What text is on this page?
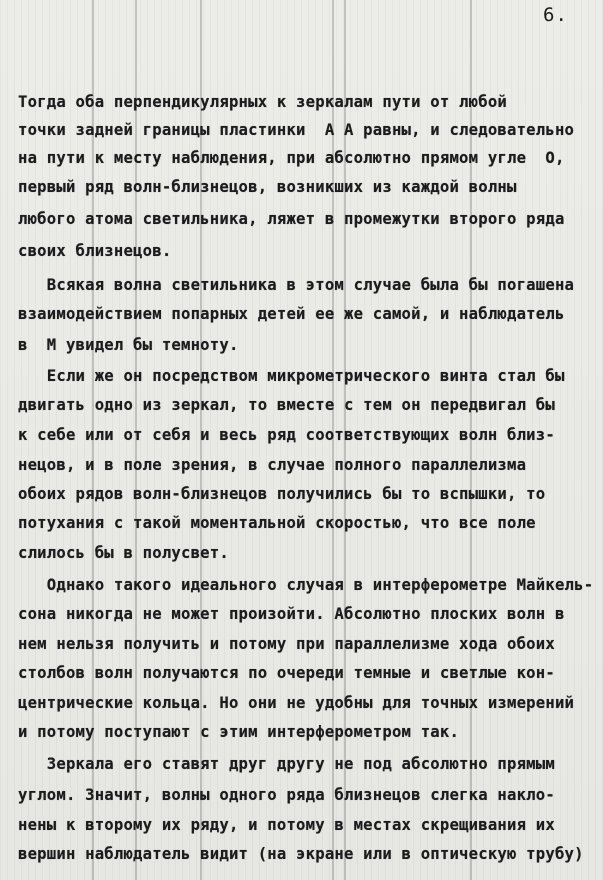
6.
Тогда оба перпендикулярных к зеркалам пути от любой
точки задней границы пластинки  А А равны, и следовательно
на пути к месту наблюдения, при абсолютно прямом угле  О,
первый ряд волн-близнецов, возникших из каждой волны
любого атома светильника, ляжет в промежутки второго ряда
своих близнецов.
Всякая волна светильника в этом случае была бы погашена
взаимодействием попарных детей ее же самой, и наблюдатель
в  М увидел бы темноту.
Если же он посредством микрометрического винта стал бы
двигать одно из зеркал, то вместе с тем он передвигал бы
к себе или от себя и весь ряд соответствующих волн близ-
нецов, и в поле зрения, в случае полного параллелизма
обоих рядов волн-близнецов получились бы то вспышки, то
потухания с такой моментальной скоростью, что все поле
слилось бы в полусвет.
Однако такого идеального случая в интерферометре Майкель-
сона никогда не может произойти. Абсолютно плоских волн в
нем нельзя получить и потому при параллелизме хода обоих
столбов волн получаются по очереди темные и светлые кон-
центрические кольца. Но они не удобны для точных измерений
и потому поступают с этим интерферометром так.
Зеркала его ставят друг другу не под абсолютно прямым
углом. Значит, волны одного ряда близнецов слегка накло-
нены к второму их ряду, и потому в местах скрещивания их
вершин наблюдатель видит (на экране или в оптическую трубу)
